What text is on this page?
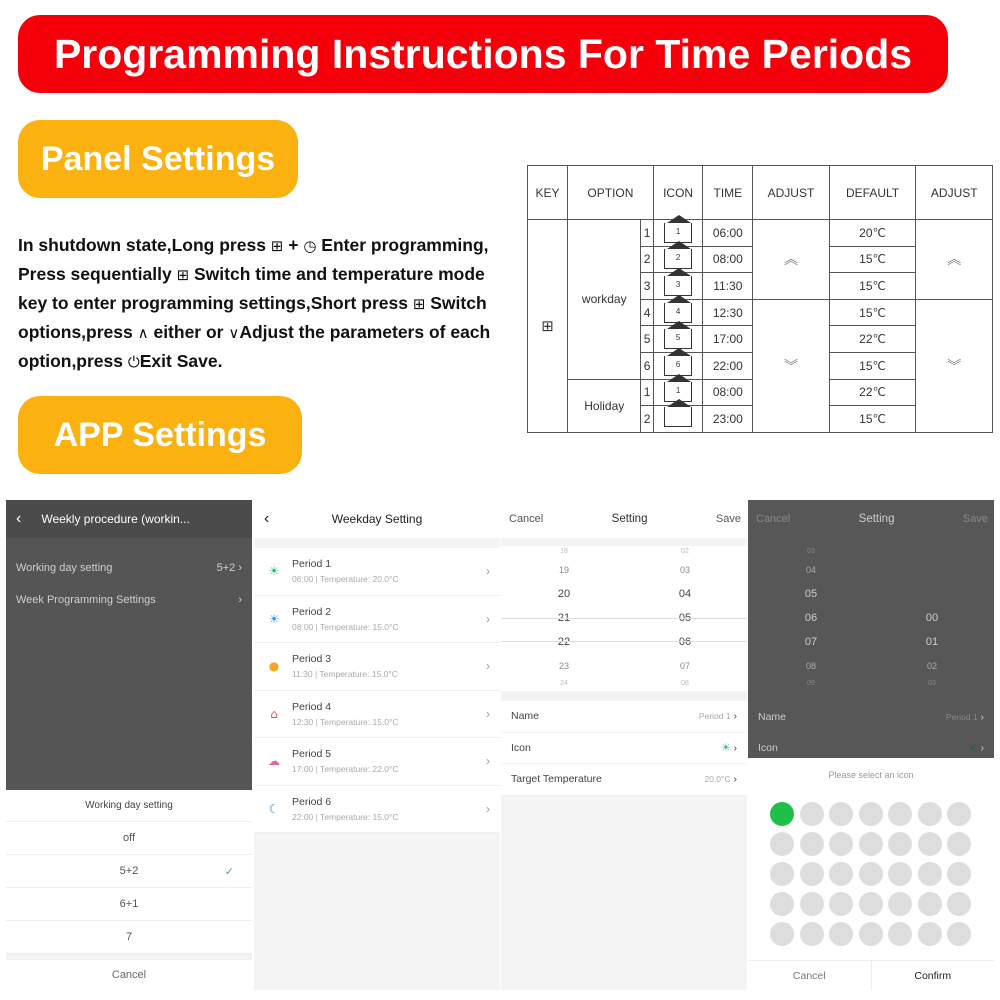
Programming Instructions For Time Periods
Panel Settings
APP Settings
In shutdown state,Long press ⊞ + ◷ Enter programming,
Press sequentially ⊞ Switch time and temperature mode
key to enter programming settings,Short press ⊞ Switch
options,press ∧ either or ∨Adjust the parameters of each
option,press ⏻Exit Save.
KEY	OPTION		ICON	TIME	ADJUST	DEFAULT	ADJUST
⊞	workday	1	1	06:00	︽	20℃	︽
		2	2	08:00		15℃	
		3	3	11:30		15℃	
		4	4	12:30	︾	15℃	︾
		5	5	17:00		22℃	
		6	6	22:00		15℃	
	Holiday	1	1	08:00		22℃	
		2		23:00		15℃	
‹ Weekly procedure (workin...
Working day setting	5+2 ›
Week Programming Settings	›
Working day setting
off
5+2	✓
6+1
7
Cancel
‹	Weekday Setting
☀	Period 1
06:00 | Temperature: 20.0°C
›
☀	Period 2
08:00 | Temperature: 15.0°C
›
●	Period 3
11:30 | Temperature: 15.0°C
›
⌂	Period 4
12:30 | Temperature: 15.0°C
›
☁	Period 5
17:00 | Temperature: 22.0°C
›
☾	Period 6
22:00 | Temperature: 15.0°C
›
Cancel	Setting	Save
18
19
20
21
22
23
24
02
03
04
05
06
07
08
Name	Period 1 ›
Icon	☀ ›
Target Temperature	20.0°C ›
Cancel	Setting	Save
03
04
05
06
07
08
09
00
01
02
03
Name	Period 1 ›
Icon	☀ ›
Please select an icon
Cancel	Confirm
